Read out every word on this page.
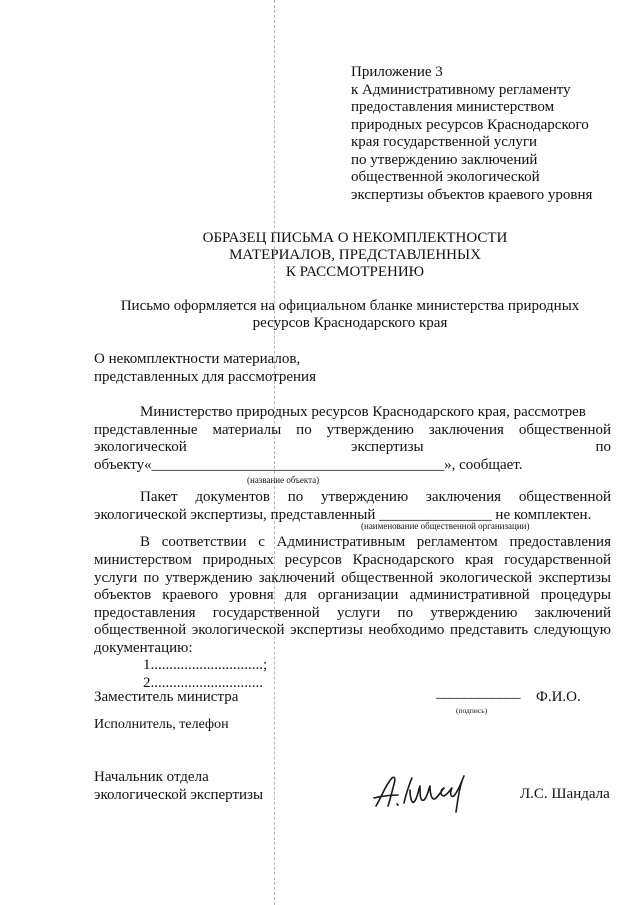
Приложение 3
к Административному регламенту
предоставления министерством
природных ресурсов Краснодарского
края государственной услуги
по утверждению заключений
общественной экологической
экспертизы объектов краевого уровня
ОБРАЗЕЦ ПИСЬМА О НЕКОМПЛЕКТНОСТИ
МАТЕРИАЛОВ, ПРЕДСТАВЛЕННЫХ
К РАССМОТРЕНИЮ
Письмо оформляется на официальном бланке министерства природных
ресурсов Краснодарского края
О некомплектности материалов,
представленных для рассмотрения
Министерство природных ресурсов Краснодарского края, рассмотрев
представленные материалы по утверждению заключения общественной
экологической	экспертизы	по
объекту«_______________________________________», сообщает.
(название объекта)
Пакет документов по утверждению заключения общественной
экологической экспертизы, представленный _______________ не комплектен.
(наименование общественной организации)
В соответствии с Административным регламентом предоставления
министерством природных ресурсов Краснодарского края государственной
услуги по утверждению заключений общественной экологической экспертизы
объектов краевого уровня для организации административной процедуры
предоставления государственной услуги по утверждению заключений
общественной экологической экспертизы необходимо представить следующую
документацию:
1..............................;
2..............................
Заместитель министра	____________
(подпись)
Ф.И.О.
Исполнитель, телефон
Начальник отдела
экологической экспертизы	Л.С. Шандала
